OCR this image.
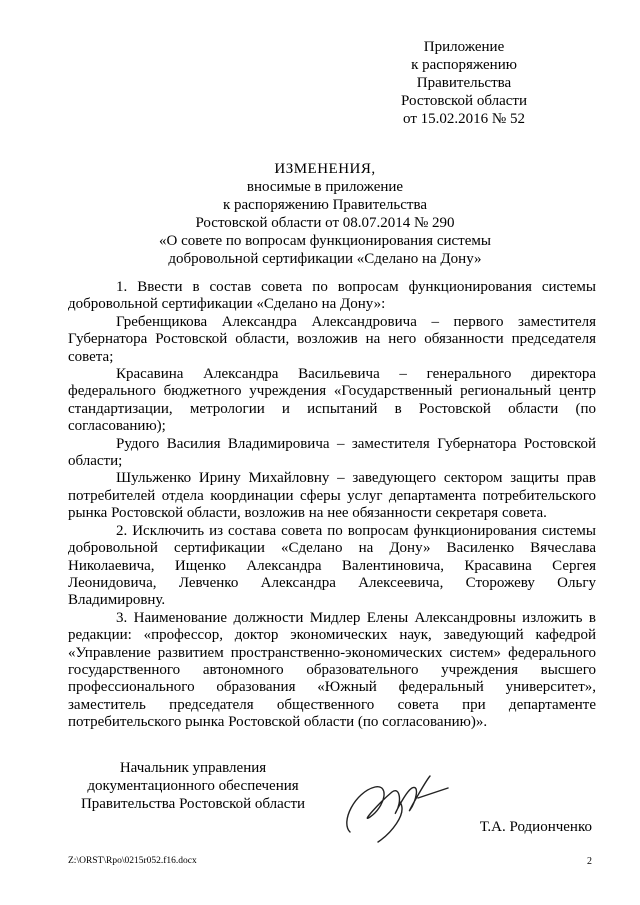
Приложение
к распоряжению
Правительства
Ростовской области
от 15.02.2016 № 52
ИЗМЕНЕНИЯ,
вносимые в приложение
к распоряжению Правительства
Ростовской области от 08.07.2014 № 290
«О совете по вопросам функционирования системы
добровольной сертификации «Сделано на Дону»

1. Ввести в состав совета по вопросам функционирования системы добровольной сертификации «Сделано на Дону»:

Гребенщикова Александра Александровича – первого заместителя Губернатора Ростовской области, возложив на него обязанности председателя совета;

Красавина Александра Васильевича – генерального директора федерального бюджетного учреждения «Государственный региональный центр стандартизации, метрологии и испытаний в Ростовской области (по согласованию);

Рудого Василия Владимировича – заместителя Губернатора Ростовской области;

Шульженко Ирину Михайловну – заведующего сектором защиты прав потребителей отдела координации сферы услуг департамента потребительского рынка Ростовской области, возложив на нее обязанности секретаря совета.

2. Исключить из состава совета по вопросам функционирования системы добровольной сертификации «Сделано на Дону» Василенко Вячеслава Николаевича, Ищенко Александра Валентиновича, Красавина Сергея Леонидовича, Левченко Александра Алексеевича, Сторожеву Ольгу Владимировну.

3. Наименование должности Мидлер Елены Александровны изложить в редакции: «профессор, доктор экономических наук, заведующий кафедрой «Управление развитием пространственно-экономических систем» федерального государственного автономного образовательного учреждения высшего профессионального образования «Южный федеральный университет», заместитель председателя общественного совета при департаменте потребительского рынка Ростовской области (по согласованию)».

Начальник управления
документационного обеспечения
Правительства Ростовской области
Т.А. Родионченко
Z:\ORST\Rpo\0215r052.f16.docx	2
